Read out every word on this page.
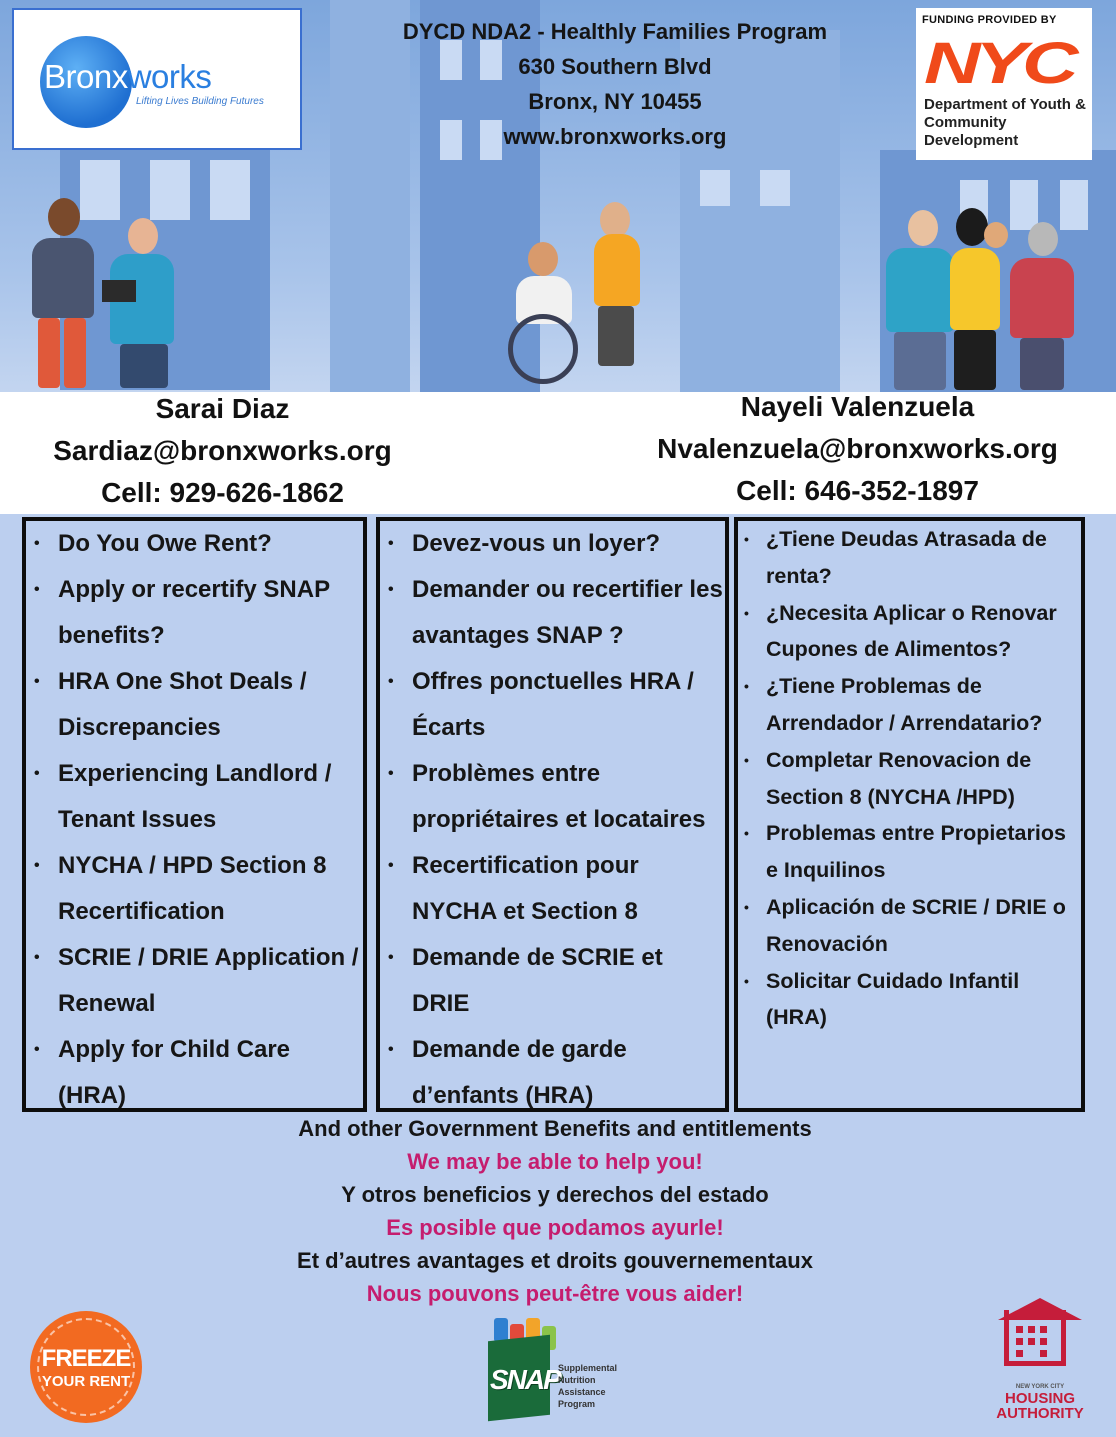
Bronxworks
Lifting Lives Building Futures
DYCD NDA2 - Healthly Families Program
630 Southern Blvd
Bronx, NY 10455
www.bronxworks.org
FUNDING PROVIDED BY
NYC
Department of Youth & Community Development
Sarai Diaz
Sardiaz@bronxworks.org
Cell: 929-626-1862
Nayeli Valenzuela
Nvalenzuela@bronxworks.org
Cell: 646-352-1897
• Do You Owe Rent?
• Apply or recertify SNAP benefits?
• HRA One Shot Deals / Discrepancies
• Experiencing Landlord / Tenant Issues
• NYCHA / HPD Section 8 Recertification
• SCRIE / DRIE Application / Renewal
• Apply for Child Care (HRA)
• Devez-vous un loyer?
• Demander ou recertifier les avantages SNAP ?
• Offres ponctuelles HRA / Écarts
• Problèmes entre propriétaires et locataires
• Recertification pour NYCHA et Section 8
• Demande de SCRIE et DRIE
• Demande de garde d’enfants (HRA)
• ¿Tiene Deudas Atrasada de renta?
• ¿Necesita Aplicar o Renovar Cupones de Alimentos?
• ¿Tiene Problemas de Arrendador / Arrendatario?
• Completar Renovacion de Section 8 (NYCHA /HPD)
• Problemas entre Propietarios e Inquilinos
• Aplicación de SCRIE / DRIE o Renovación
• Solicitar Cuidado Infantil (HRA)
And other Government Benefits and entitlements
We may be able to help you!
Y otros beneficios y derechos del estado
Es posible que podamos ayurle!
Et d’autres avantages et droits gouvernementaux
Nous pouvons peut-être vous aider!
FREEZE
YOUR RENT	SNAP
Supplemental
Nutrition
Assistance
Program
NEW YORK CITY
HOUSING
AUTHORITY
